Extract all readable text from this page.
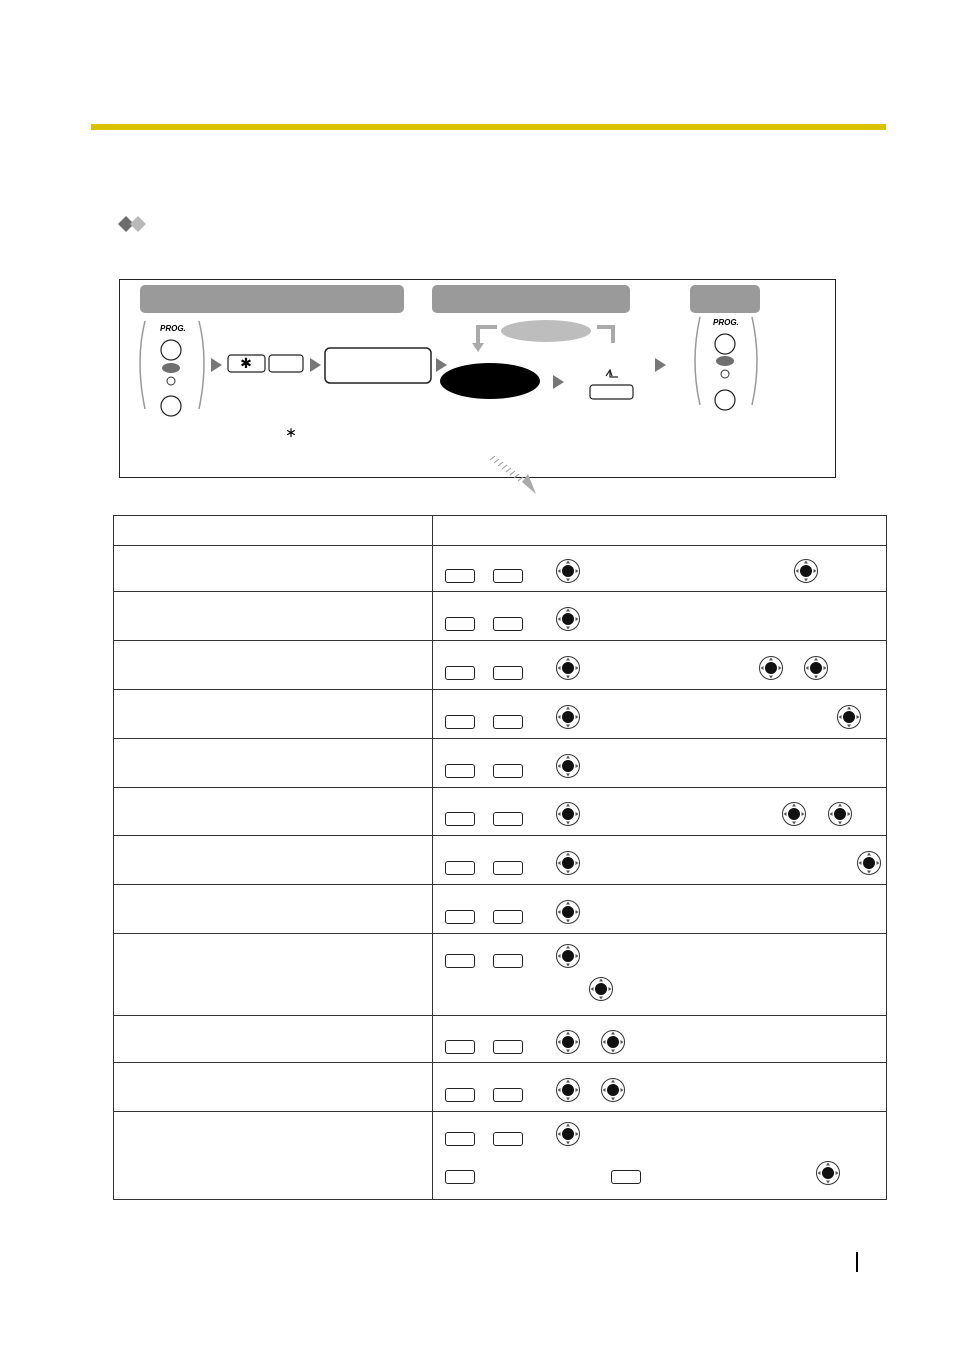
PROG.
✱
PROG.
∗
